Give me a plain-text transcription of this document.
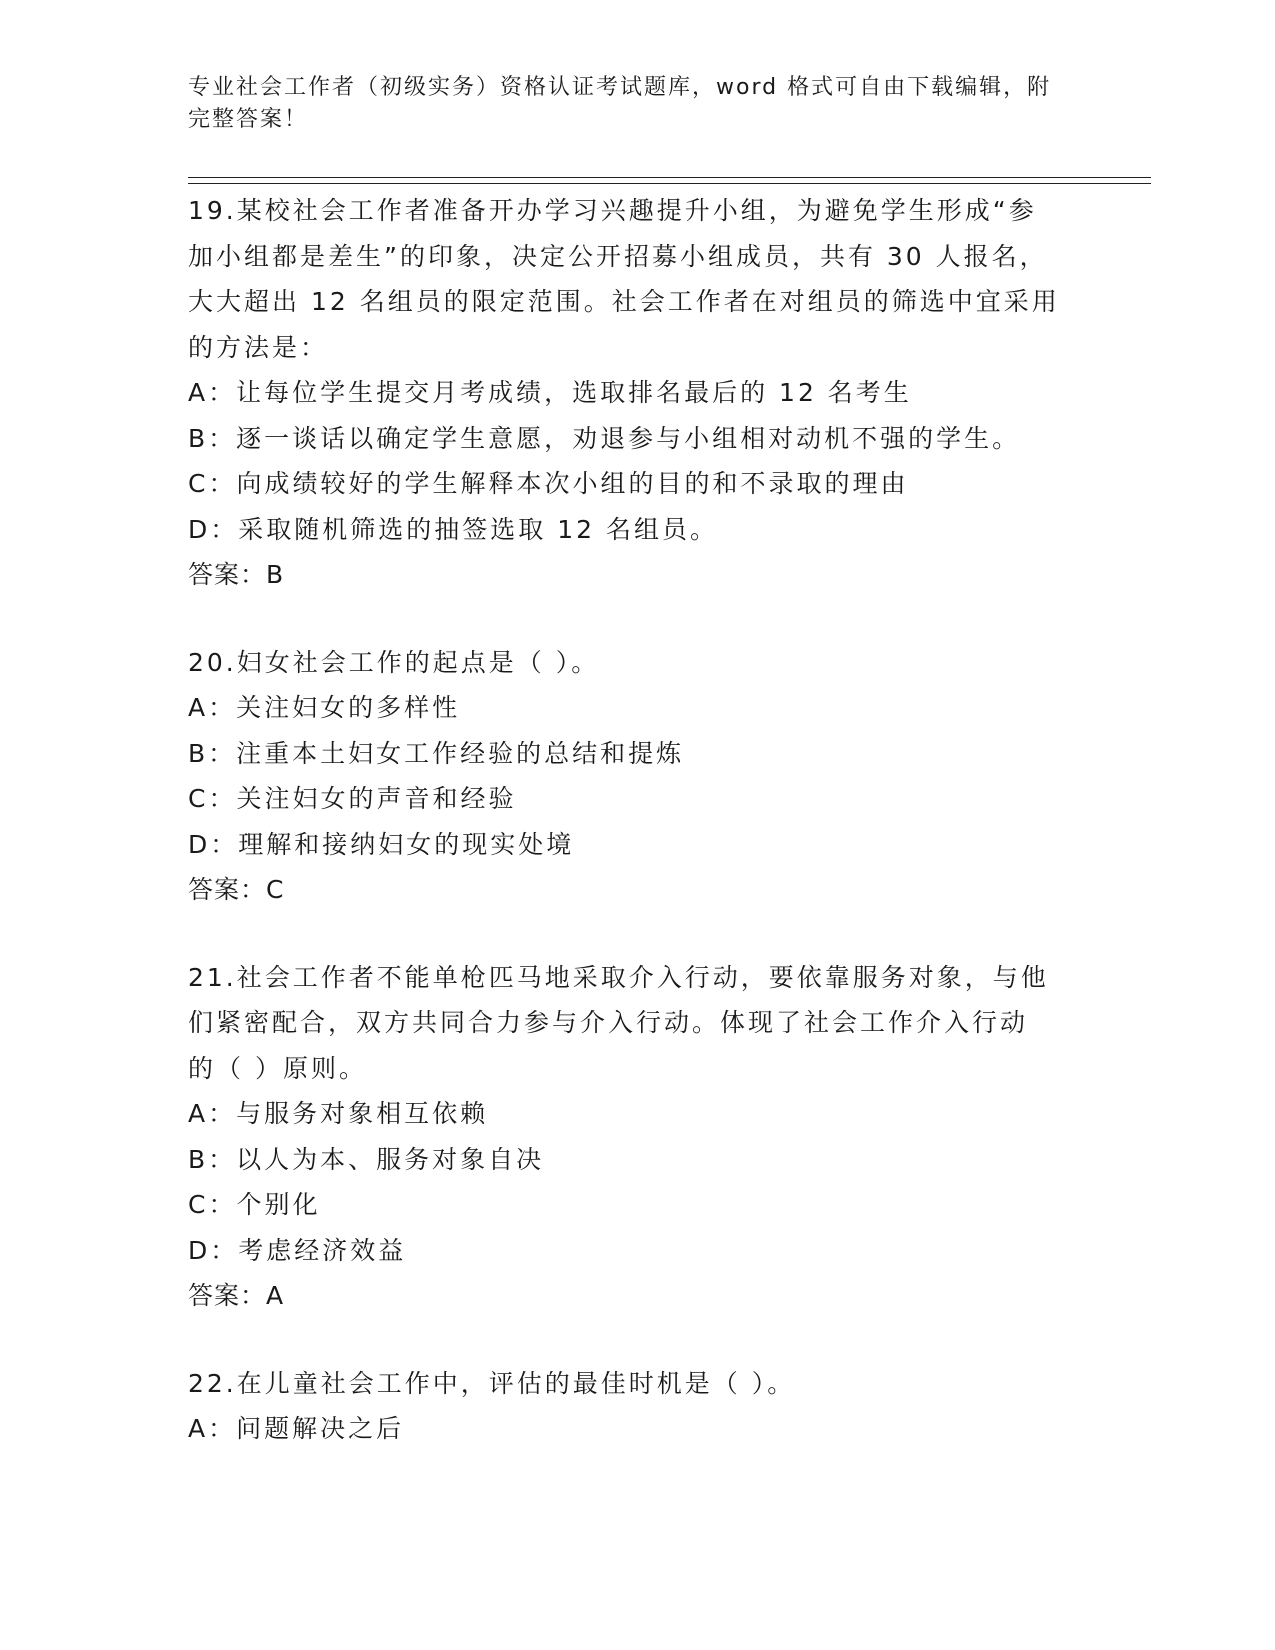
专业社会工作者（初级实务）资格认证考试题库，word 格式可自由下载编辑，附
完整答案！
19.某校社会工作者准备开办学习兴趣提升小组，为避免学生形成“参
加小组都是差生”的印象，决定公开招募小组成员，共有 30 人报名，
大大超出 12 名组员的限定范围。社会工作者在对组员的筛选中宜采用
的方法是：
A：让每位学生提交月考成绩，选取排名最后的 12 名考生
B：逐一谈话以确定学生意愿，劝退参与小组相对动机不强的学生。
C：向成绩较好的学生解释本次小组的目的和不录取的理由
D：采取随机筛选的抽签选取 12 名组员。
答案：B
20.妇女社会工作的起点是（ ）。
A：关注妇女的多样性
B：注重本土妇女工作经验的总结和提炼
C：关注妇女的声音和经验
D：理解和接纳妇女的现实处境
答案：C
21.社会工作者不能单枪匹马地采取介入行动，要依靠服务对象，与他
们紧密配合，双方共同合力参与介入行动。体现了社会工作介入行动
的（ ）原则。
A：与服务对象相互依赖
B：以人为本、服务对象自决
C：个别化
D：考虑经济效益
答案：A
22.在儿童社会工作中，评估的最佳时机是（ ）。
A：问题解决之后
